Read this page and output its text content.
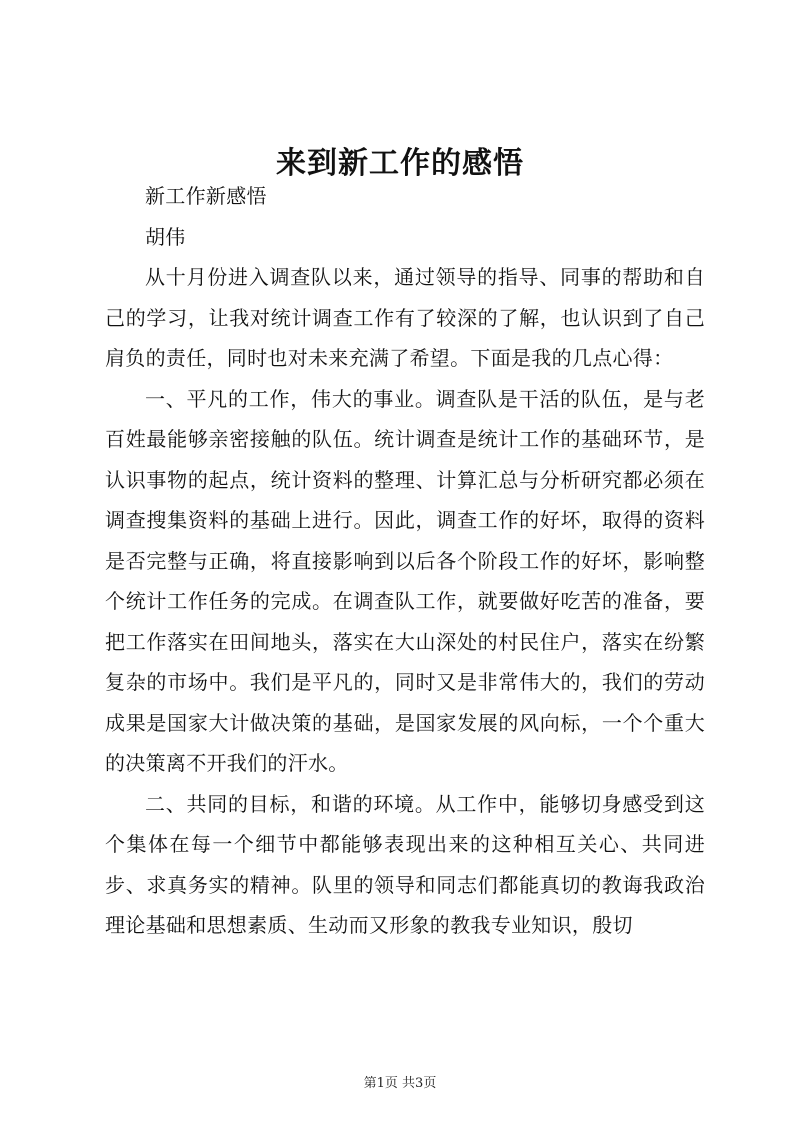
来到新工作的感悟

新工作新感悟

胡伟

从十月份进入调查队以来，通过领导的指导、同事的帮助和自己的学习，让我对统计调查工作有了较深的了解，也认识到了自己肩负的责任，同时也对未来充满了希望。下面是我的几点心得：

一、平凡的工作，伟大的事业。调查队是干活的队伍，是与老百姓最能够亲密接触的队伍。统计调查是统计工作的基础环节，是认识事物的起点，统计资料的整理、计算汇总与分析研究都必须在调查搜集资料的基础上进行。因此，调查工作的好坏，取得的资料是否完整与正确，将直接影响到以后各个阶段工作的好坏，影响整个统计工作任务的完成。在调查队工作，就要做好吃苦的准备，要把工作落实在田间地头，落实在大山深处的村民住户，落实在纷繁复杂的市场中。我们是平凡的，同时又是非常伟大的，我们的劳动成果是国家大计做决策的基础，是国家发展的风向标，一个个重大的决策离不开我们的汗水。

二、共同的目标，和谐的环境。从工作中，能够切身感受到这个集体在每一个细节中都能够表现出来的这种相互关心、共同进步、求真务实的精神。队里的领导和同志们都能真切的教诲我政治理论基础和思想素质、生动而又形象的教我专业知识，殷切

第1页 共3页
